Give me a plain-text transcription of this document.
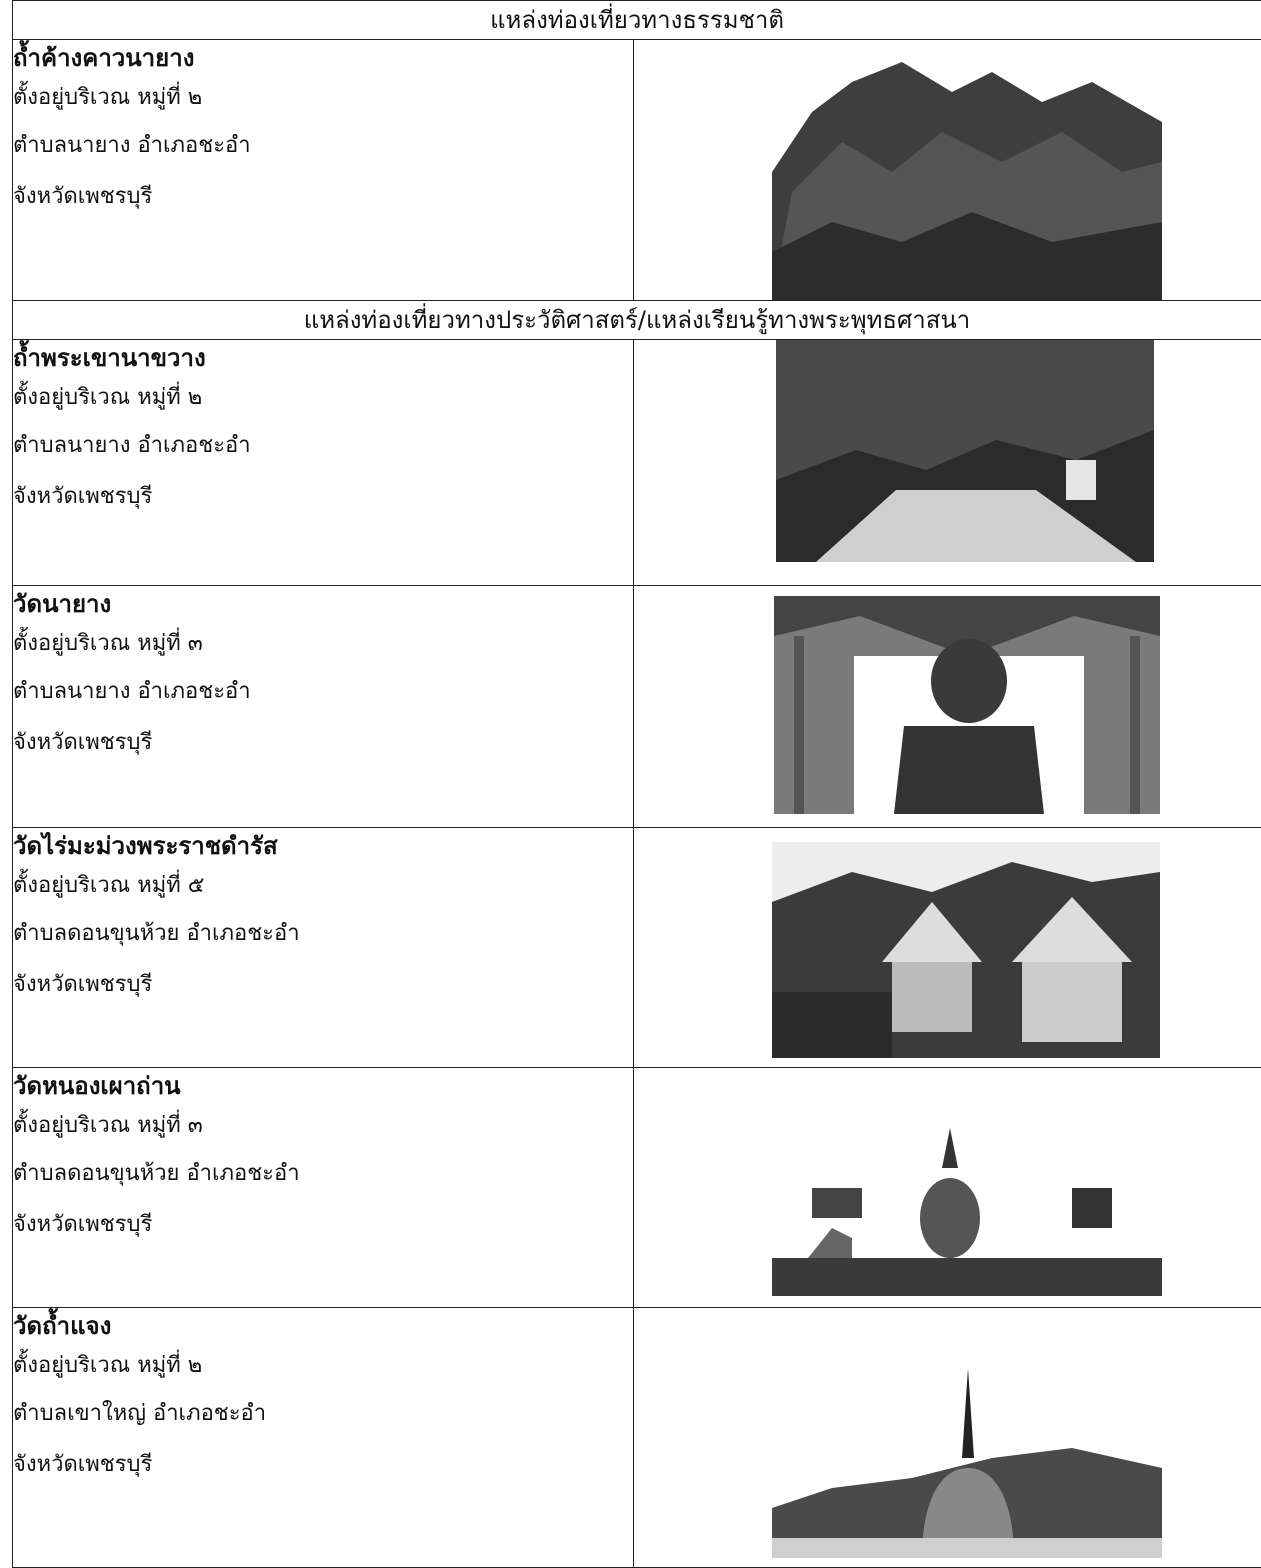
แหล่งท่องเที่ยวทางธรรมชาติ	

ถ้ำค้างคาวนายาง
ตั้งอยู่บริเวณ หมู่ที่ ๒
ตำบลนายาง อำเภอชะอำ
จังหวัดเพชรบุรี

แหล่งท่องเที่ยวทางประวัติศาสตร์/แหล่งเรียนรู้ทางพระพุทธศาสนา	

ถ้ำพระเขานาขวาง
ตั้งอยู่บริเวณ หมู่ที่ ๒
ตำบลนายาง อำเภอชะอำ
จังหวัดเพชรบุรี

วัดนายาง
ตั้งอยู่บริเวณ หมู่ที่ ๓
ตำบลนายาง อำเภอชะอำ
จังหวัดเพชรบุรี

วัดไร่มะม่วงพระราชดำรัส
ตั้งอยู่บริเวณ หมู่ที่ ๕
ตำบลดอนขุนห้วย อำเภอชะอำ
จังหวัดเพชรบุรี

วัดหนองเผาถ่าน
ตั้งอยู่บริเวณ หมู่ที่ ๓
ตำบลดอนขุนห้วย อำเภอชะอำ
จังหวัดเพชรบุรี

วัดถ้ำแจง
ตั้งอยู่บริเวณ หมู่ที่ ๒
ตำบลเขาใหญ่ อำเภอชะอำ
จังหวัดเพชรบุรี
